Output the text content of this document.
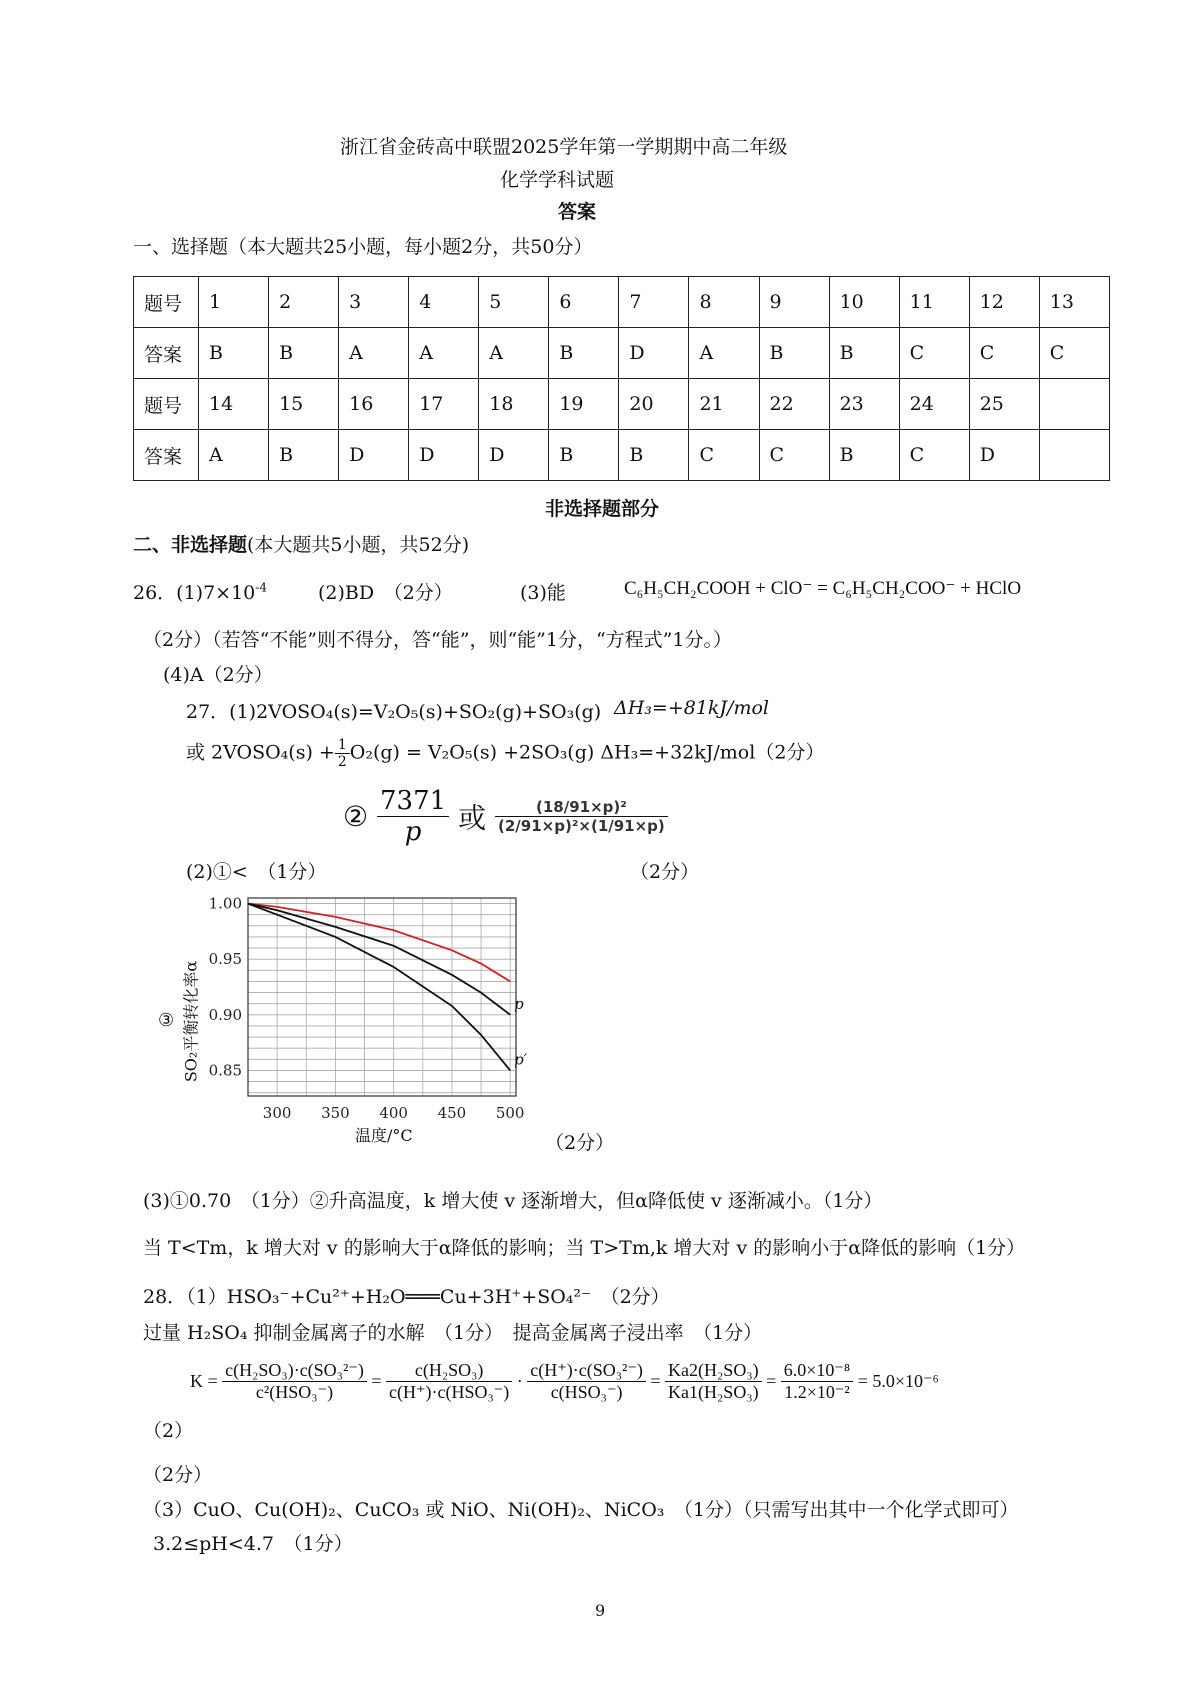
浙江省金砖高中联盟2025学年第一学期期中高二年级
化学学科试题
答案
一、选择题（本大题共25小题，每小题2分，共50分）
题号	1	2	3	4	5	6	7	8	9	10	11	12	13
答案	B	B	A	A	A	B	D	A	B	B	C	C	C
题号	14	15	16	17	18	19	20	21	22	23	24	25	
答案	A	B	D	D	D	B	B	C	C	B	C	D	
非选择题部分
二、非选择题(本大题共5小题，共52分)
26．$(1)7\times 10^{-4}$	(2)BD　（2分）	(3)能	C₆H₅CH₂COOH + ClO⁻ = C₆H₅CH₂COO⁻ + HClO
（2分）（若答“不能”则不得分，答“能”，则“能”1分，“方程式”1分。）
(4)A（2分）
27．(1)2VOSO₄(s)=V₂O₅(s)+SO₂(g)+SO₃(g) ΔH₃=+81kJ/mol
或 2VOSO₄(s) + $\frac{1}{2} O_2(g) = V_2O_5(s) +2SO_3(g)$ ΔH₃=+32kJ/mol（2分）
② $\frac{7371}{p}$ 或 $\frac{\text{(18/91×p)²}}{\text{(2/91×p)²×(1/91×p)}}$
（2分）
(2)①<　（1分）
p
p′
300 350 400 450 500
1.00
0.95
0.90
0.85
③ SO₂平衡转化率α
温度/°C	（2分）
(3)①0.70　（1分）②升高温度，k 增大使 v 逐渐增大，但α降低使 v 逐渐减小。（1分）
当 T<Tm，k 增大对 v 的影响大于α降低的影响；当 T>Tm,k 增大对 v 的影响小于α降低的影响（1分）
28．（1）HSO₃⁻+Cu²⁺+H₂O═══Cu+3H⁺+SO₄²⁻　（2分）
过量 H₂SO₄ 抑制金属离子的水解　（1分）　提高金属离子浸出率　（1分）
$K = \frac{\text{c(H₂SO₃)·c(SO₃²⁻)}}{\text{c²(HSO₃⁻)}} = \frac{\text{c(H₂SO₃)}}{\text{c(H⁺)·c(HSO₃⁻)}} \cdot \frac{\text{c(H⁺)·c(SO₃²⁻)}}{\text{c(HSO₃⁻)}} = \frac{\text{Ka2(H₂SO₃)}}{\text{Ka1(H₂SO₃)}} = \frac{\text{6.0×10⁻⁸}}{\text{1.2×10⁻²}} = 5.0\times 10^{-6}$
（2）
（2分）
（3）CuO、Cu(OH)₂、CuCO₃ 或 NiO、Ni(OH)₂、NiCO₃　（1分）（只需写出其中一个化学式即可）
3.2≤pH<4.7　（1分）
9
